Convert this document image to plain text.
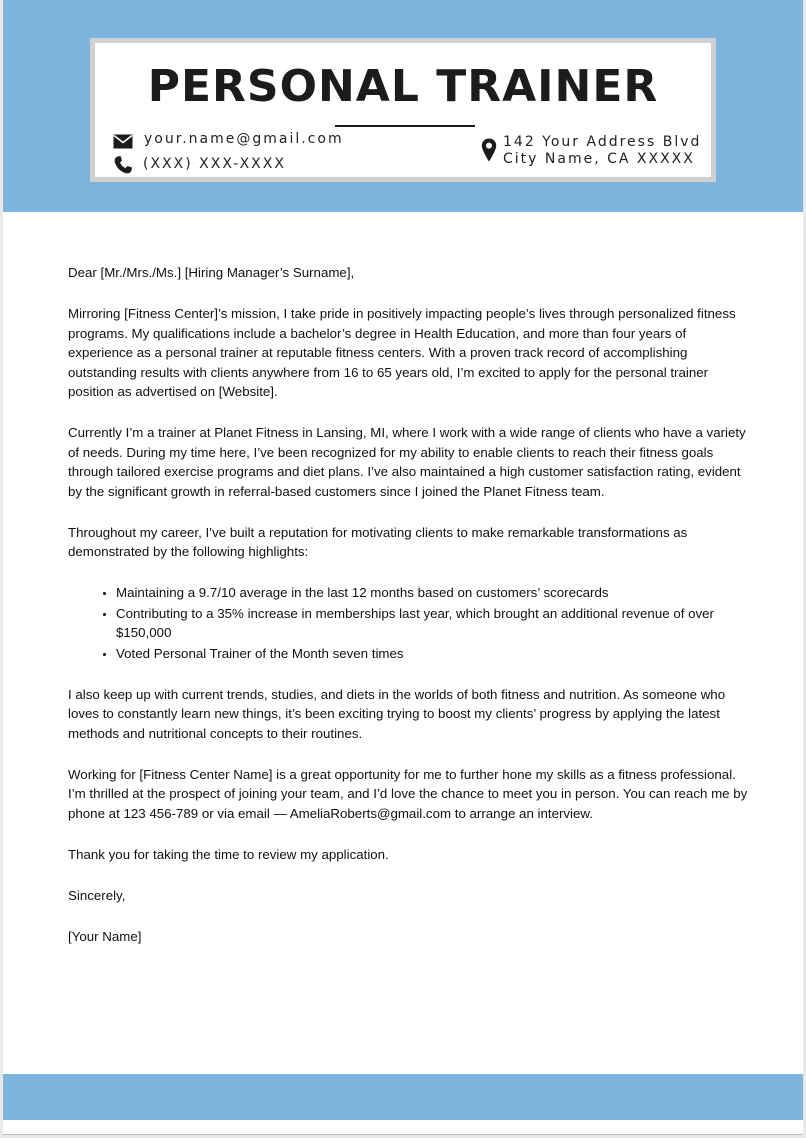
PERSONAL TRAINER
your.name@gmail.com
(XXX) XXX-XXXX
142 Your Address Blvd
City Name, CA XXXXX

Dear [Mr./Mrs./Ms.] [Hiring Manager’s Surname],

Mirroring [Fitness Center]’s mission, I take pride in positively impacting people’s lives through personalized fitness programs. My qualifications include a bachelor’s degree in Health Education, and more than four years of experience as a personal trainer at reputable fitness centers. With a proven track record of accomplishing outstanding results with clients anywhere from 16 to 65 years old, I’m excited to apply for the personal trainer position as advertised on [Website].

Currently I’m a trainer at Planet Fitness in Lansing, MI, where I work with a wide range of clients who have a variety of needs. During my time here, I’ve been recognized for my ability to enable clients to reach their fitness goals through tailored exercise programs and diet plans. I’ve also maintained a high customer satisfaction rating, evident by the significant growth in referral-based customers since I joined the Planet Fitness team.

Throughout my career, I’ve built a reputation for motivating clients to make remarkable transformations as demonstrated by the following highlights:

• Maintaining a 9.7/10 average in the last 12 months based on customers’ scorecards
• Contributing to a 35% increase in memberships last year, which brought an additional revenue of over $150,000
• Voted Personal Trainer of the Month seven times

I also keep up with current trends, studies, and diets in the worlds of both fitness and nutrition. As someone who loves to constantly learn new things, it’s been exciting trying to boost my clients’ progress by applying the latest methods and nutritional concepts to their routines.

Working for [Fitness Center Name] is a great opportunity for me to further hone my skills as a fitness professional. I’m thrilled at the prospect of joining your team, and I’d love the chance to meet you in person. You can reach me by phone at 123 456-789 or via email — AmeliaRoberts@gmail.com to arrange an interview.

Thank you for taking the time to review my application.

Sincerely,

[Your Name]
